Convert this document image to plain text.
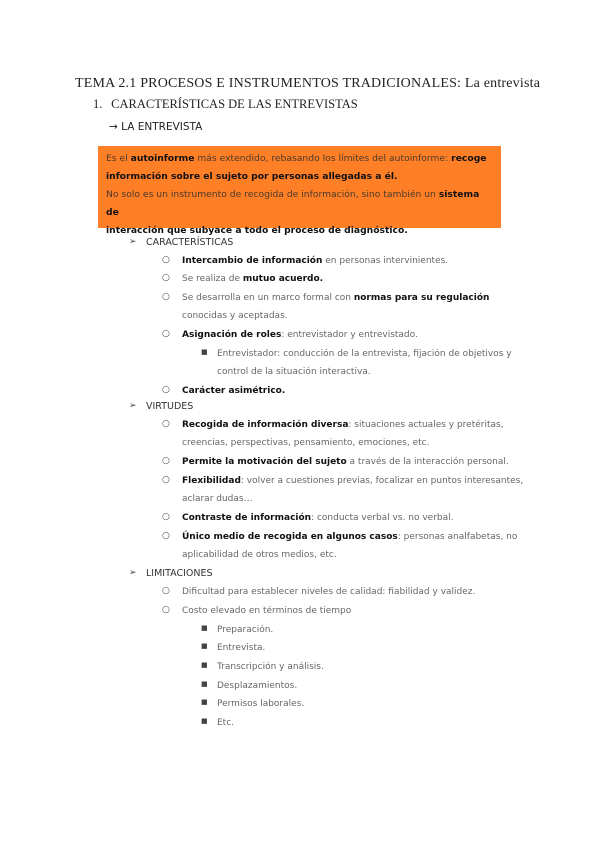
TEMA 2.1 PROCESOS E INSTRUMENTOS TRADICIONALES: La entrevista
1. CARACTERÍSTICAS DE LAS ENTREVISTAS
→ LA ENTREVISTA

Es el autoinforme más extendido, rebasando los límites del autoinforme: recoge

información sobre el sujeto por personas allegadas a él.

No solo es un instrumento de recogida de información, sino también un sistema de

interacción que subyace a todo el proceso de diagnóstico.

➢ CARACTERÍSTICAS
○ Intercambio de información en personas intervinientes.
○ Se realiza de mutuo acuerdo.
○ Se desarrolla en un marco formal con normas para su regulación
conocidas y aceptadas.
○ Asignación de roles: entrevistador y entrevistado.
■ Entrevistador: conducción de la entrevista, fijación de objetivos y
control de la situación interactiva.
○ Carácter asimétrico.
➢ VIRTUDES
○ Recogida de información diversa: situaciones actuales y pretéritas,
creencias, perspectivas, pensamiento, emociones, etc.
○ Permite la motivación del sujeto a través de la interacción personal.
○ Flexibilidad: volver a cuestiones previas, focalizar en puntos interesantes,
aclarar dudas…
○ Contraste de información: conducta verbal vs. no verbal.
○ Único medio de recogida en algunos casos: personas analfabetas, no
aplicabilidad de otros medios, etc.
➢ LIMITACIONES
○ Dificultad para establecer niveles de calidad: fiabilidad y validez.
○ Costo elevado en términos de tiempo
■ Preparación.
■ Entrevista.
■ Transcripción y análisis.
■ Desplazamientos.
■ Permisos laborales.
■ Etc.
